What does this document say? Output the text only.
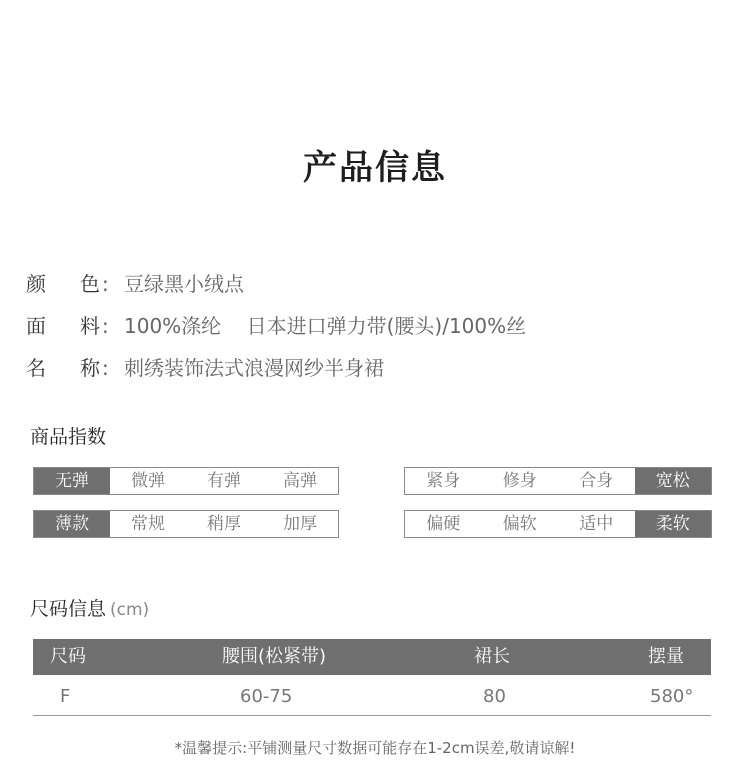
产品信息
颜 色 : 豆绿黑小绒点
面 料 : 100%涤纶    日本进口弹力带(腰头)/100%丝
名 称 : 刺绣装饰法式浪漫网纱半身裙
商品指数
无弹	微弹	有弹	高弹	紧身	修身	合身	宽松
薄款	常规	稍厚	加厚	偏硬	偏软	适中	柔软
尺码信息 (cm)
尺码	腰围(松紧带)	裙长	摆量
F	60-75	80	580°
*温馨提示:平铺测量尺寸数据可能存在1-2cm误差,敬请谅解!
